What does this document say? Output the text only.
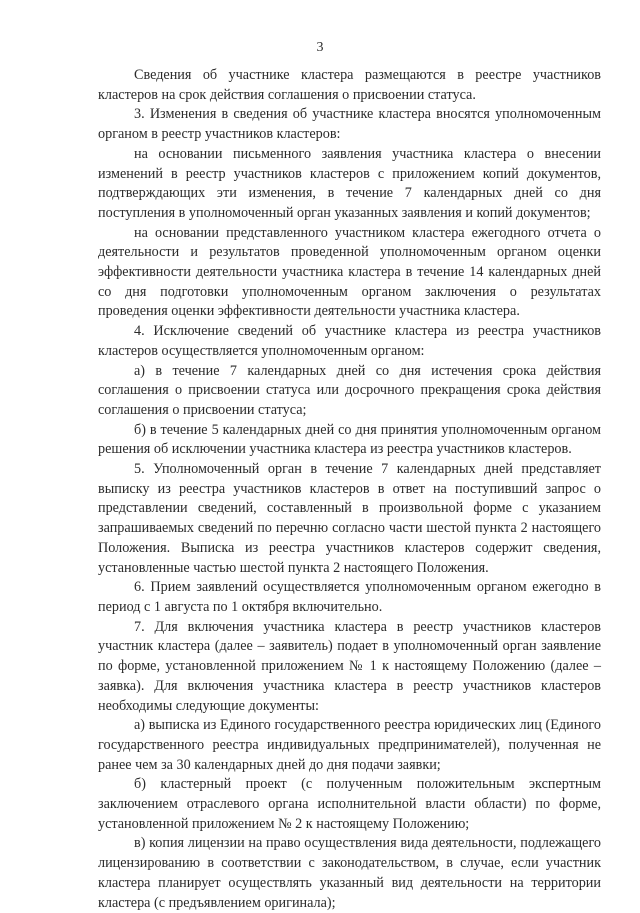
3

Сведения об участнике кластера размещаются в реестре участников кластеров на срок действия соглашения о присвоении статуса.

3. Изменения в сведения об участнике кластера вносятся уполномоченным органом в реестр участников кластеров:

на основании письменного заявления участника кластера о внесении изменений в реестр участников кластеров с приложением копий документов, подтверждающих эти изменения, в течение 7 календарных дней со дня поступления в уполномоченный орган указанных заявления и копий документов;

на основании представленного участником кластера ежегодного отчета о деятельности и результатов проведенной уполномоченным органом оценки эффективности деятельности участника кластера в течение 14 календарных дней со дня подготовки уполномоченным органом заключения о результатах проведения оценки эффективности деятельности участника кластера.

4. Исключение сведений об участнике кластера из реестра участников кластеров осуществляется уполномоченным органом:

а) в течение 7 календарных дней со дня истечения срока действия соглашения о присвоении статуса или досрочного прекращения срока действия соглашения о присвоении статуса;

б) в течение 5 календарных дней со дня принятия уполномоченным органом решения об исключении участника кластера из реестра участников кластеров.

5. Уполномоченный орган в течение 7 календарных дней представляет выписку из реестра участников кластеров в ответ на поступивший запрос о представлении сведений, составленный в произвольной форме с указанием запрашиваемых сведений по перечню согласно части шестой пункта 2 настоящего Положения. Выписка из реестра участников кластеров содержит сведения, установленные частью шестой пункта 2 настоящего Положения.

6. Прием заявлений осуществляется уполномоченным органом ежегодно в период с 1 августа по 1 октября включительно.

7. Для включения участника кластера в реестр участников кластеров участник кластера (далее – заявитель) подает в уполномоченный орган заявление по форме, установленной приложением № 1 к настоящему Положению (далее – заявка). Для включения участника кластера в реестр участников кластеров необходимы следующие документы:

а) выписка из Единого государственного реестра юридических лиц (Единого государственного реестра индивидуальных предпринимателей), полученная не ранее чем за 30 календарных дней до дня подачи заявки;

б) кластерный проект (с полученным положительным экспертным заключением отраслевого органа исполнительной власти области) по форме, установленной приложением № 2 к настоящему Положению;

в) копия лицензии на право осуществления вида деятельности, подлежащего лицензированию в соответствии с законодательством, в случае, если участник кластера планирует осуществлять указанный вид деятельности на территории кластера (с предъявлением оригинала);
